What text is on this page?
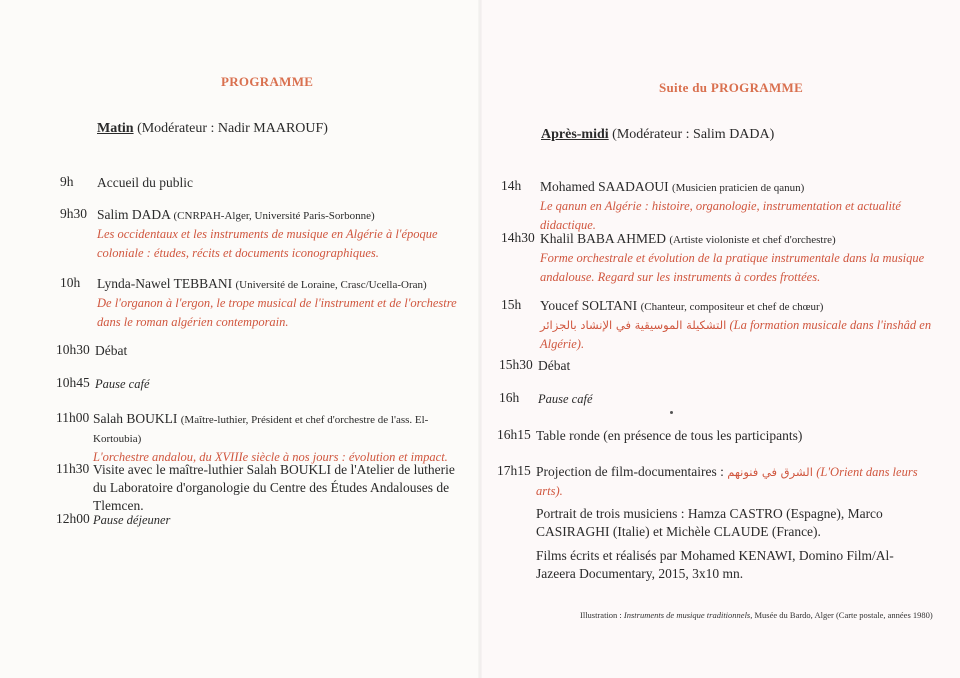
PROGRAMME
Matin (Modérateur : Nadir MAAROUF)
9h Accueil du public
9h30 Salim DADA (CNRPAH-Alger, Université Paris-Sorbonne)
Les occidentaux et les instruments de musique en Algérie à l'époque coloniale : études, récits et documents iconographiques.
10h Lynda-Nawel TEBBANI (Université de Loraine, Crasc/Ucella-Oran)
De l'organon à l'ergon, le trope musical de l'instrument et de l'orchestre dans le roman algérien contemporain.
10h30 Débat
10h45 Pause café
11h00 Salah BOUKLI (Maître-luthier, Président et chef d'orchestre de l'ass. El-Kortoubia)
L'orchestre andalou, du XVIIIe siècle à nos jours : évolution et impact.
11h30 Visite avec le maître-luthier Salah BOUKLI de l'Atelier de lutherie du Laboratoire d'organologie du Centre des Études Andalouses de Tlemcen.
12h00 Pause déjeuner
Suite du PROGRAMME
Après-midi (Modérateur : Salim DADA)
14h Mohamed SAADAOUI (Musicien praticien de qanun)
Le qanun en Algérie : histoire, organologie, instrumentation et actualité didactique.
14h30 Khalil BABA AHMED (Artiste violoniste et chef d'orchestre)
Forme orchestrale et évolution de la pratique instrumentale dans la musique andalouse. Regard sur les instruments à cordes frottées.
15h Youcef SOLTANI (Chanteur, compositeur et chef de chœur)
التشكيلة الموسيقية في الإنشاد بالجزائر (La formation musicale dans l'inshâd en Algérie).
15h30 Débat
16h Pause café
16h15 Table ronde (en présence de tous les participants)
17h15 Projection de film-documentaires : الشرق في فنونهم (L'Orient dans leurs arts).
Portrait de trois musiciens : Hamza CASTRO (Espagne), Marco CASIRAGHI (Italie) et Michèle CLAUDE (France).
Films écrits et réalisés par Mohamed KENAWI, Domino Film/Al-Jazeera Documentary, 2015, 3x10 mn.
Illustration : Instruments de musique traditionnels, Musée du Bardo, Alger (Carte postale, années 1980)
